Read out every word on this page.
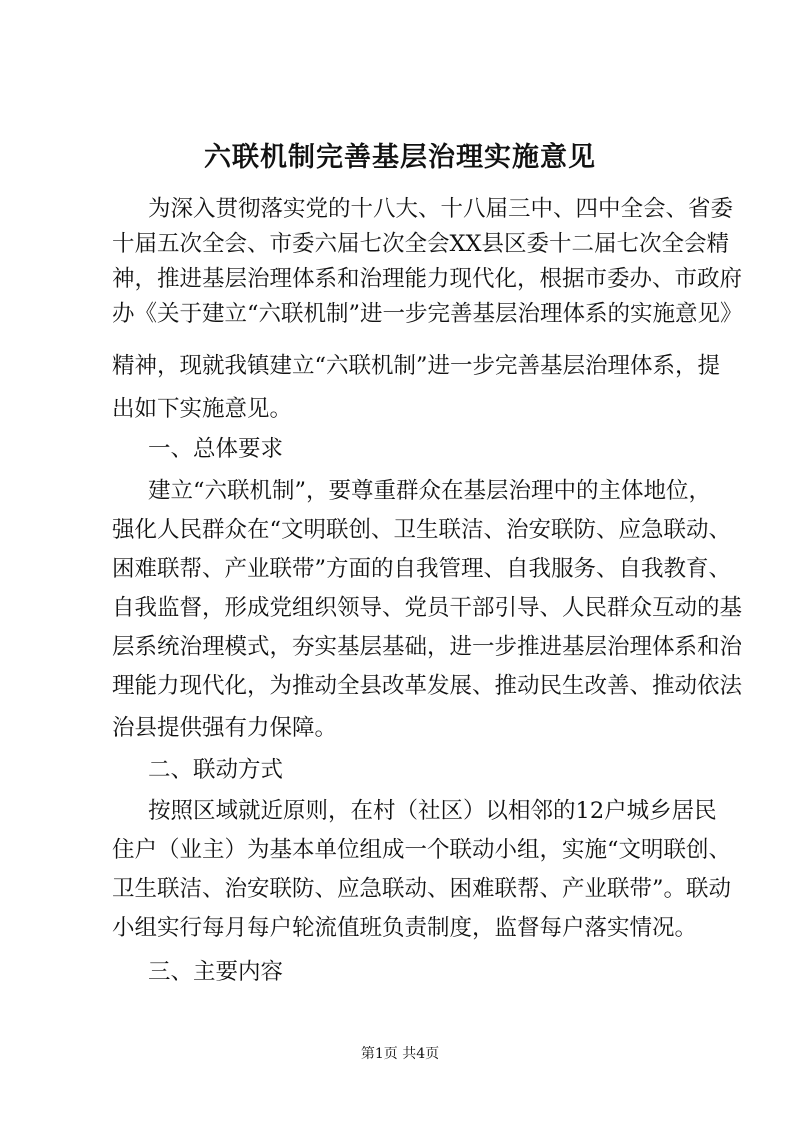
六联机制完善基层治理实施意见

为深入贯彻落实党的十八大、十八届三中、四中全会、省委

十届五次全会、市委六届七次全会XX县区委十二届七次全会精

神，推进基层治理体系和治理能力现代化，根据市委办、市政府

办《关于建立“六联机制”进一步完善基层治理体系的实施意见》

精神，现就我镇建立“六联机制”进一步完善基层治理体系，提

出如下实施意见。

一、总体要求

建立“六联机制”，要尊重群众在基层治理中的主体地位，

强化人民群众在“文明联创、卫生联洁、治安联防、应急联动、

困难联帮、产业联带”方面的自我管理、自我服务、自我教育、

自我监督，形成党组织领导、党员干部引导、人民群众互动的基

层系统治理模式，夯实基层基础，进一步推进基层治理体系和治

理能力现代化，为推动全县改革发展、推动民生改善、推动依法

治县提供强有力保障。

二、联动方式

按照区域就近原则，在村（社区）以相邻的12户城乡居民

住户（业主）为基本单位组成一个联动小组，实施“文明联创、

卫生联洁、治安联防、应急联动、困难联帮、产业联带”。联动

小组实行每月每户轮流值班负责制度，监督每户落实情况。

三、主要内容

第1页 共4页
